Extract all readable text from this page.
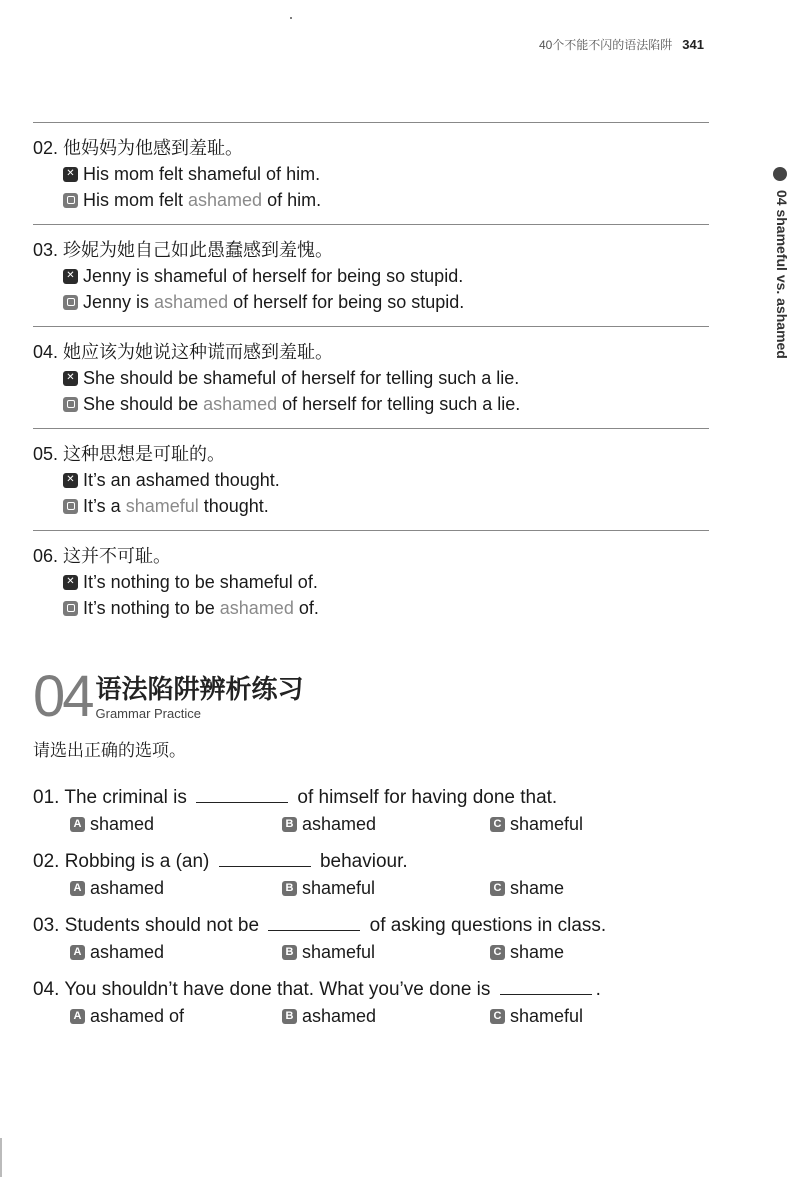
40个不能不闪的语法陷阱 341
04 shameful vs. ashamed

02. 他妈妈为他感到羞耻。

✕ His mom felt shameful of him.
His mom felt ashamed of him.

03. 珍妮为她自己如此愚蠢感到羞愧。

✕ Jenny is shameful of herself for being so stupid.
Jenny is ashamed of herself for being so stupid.

04. 她应该为她说这种谎而感到羞耻。

✕ She should be shameful of herself for telling such a lie.
She should be ashamed of herself for telling such a lie.

05. 这种思想是可耻的。

✕ It’s an ashamed thought.
It’s a shameful thought.

06. 这并不可耻。

✕ It’s nothing to be shameful of.
It’s nothing to be ashamed of.
04 语法陷阱辨析练习
Grammar Practice
请选出正确的选项。
01. The criminal is	of himself for having done that.
A shamed	B ashamed	C shameful
02. Robbing is a (an)	behaviour.
A ashamed	B shameful	C shame
03. Students should not be	of asking questions in class.
A ashamed	B shameful	C shame
04. You shouldn’t have done that. What you’ve done is	.
A ashamed of	B ashamed	C shameful
